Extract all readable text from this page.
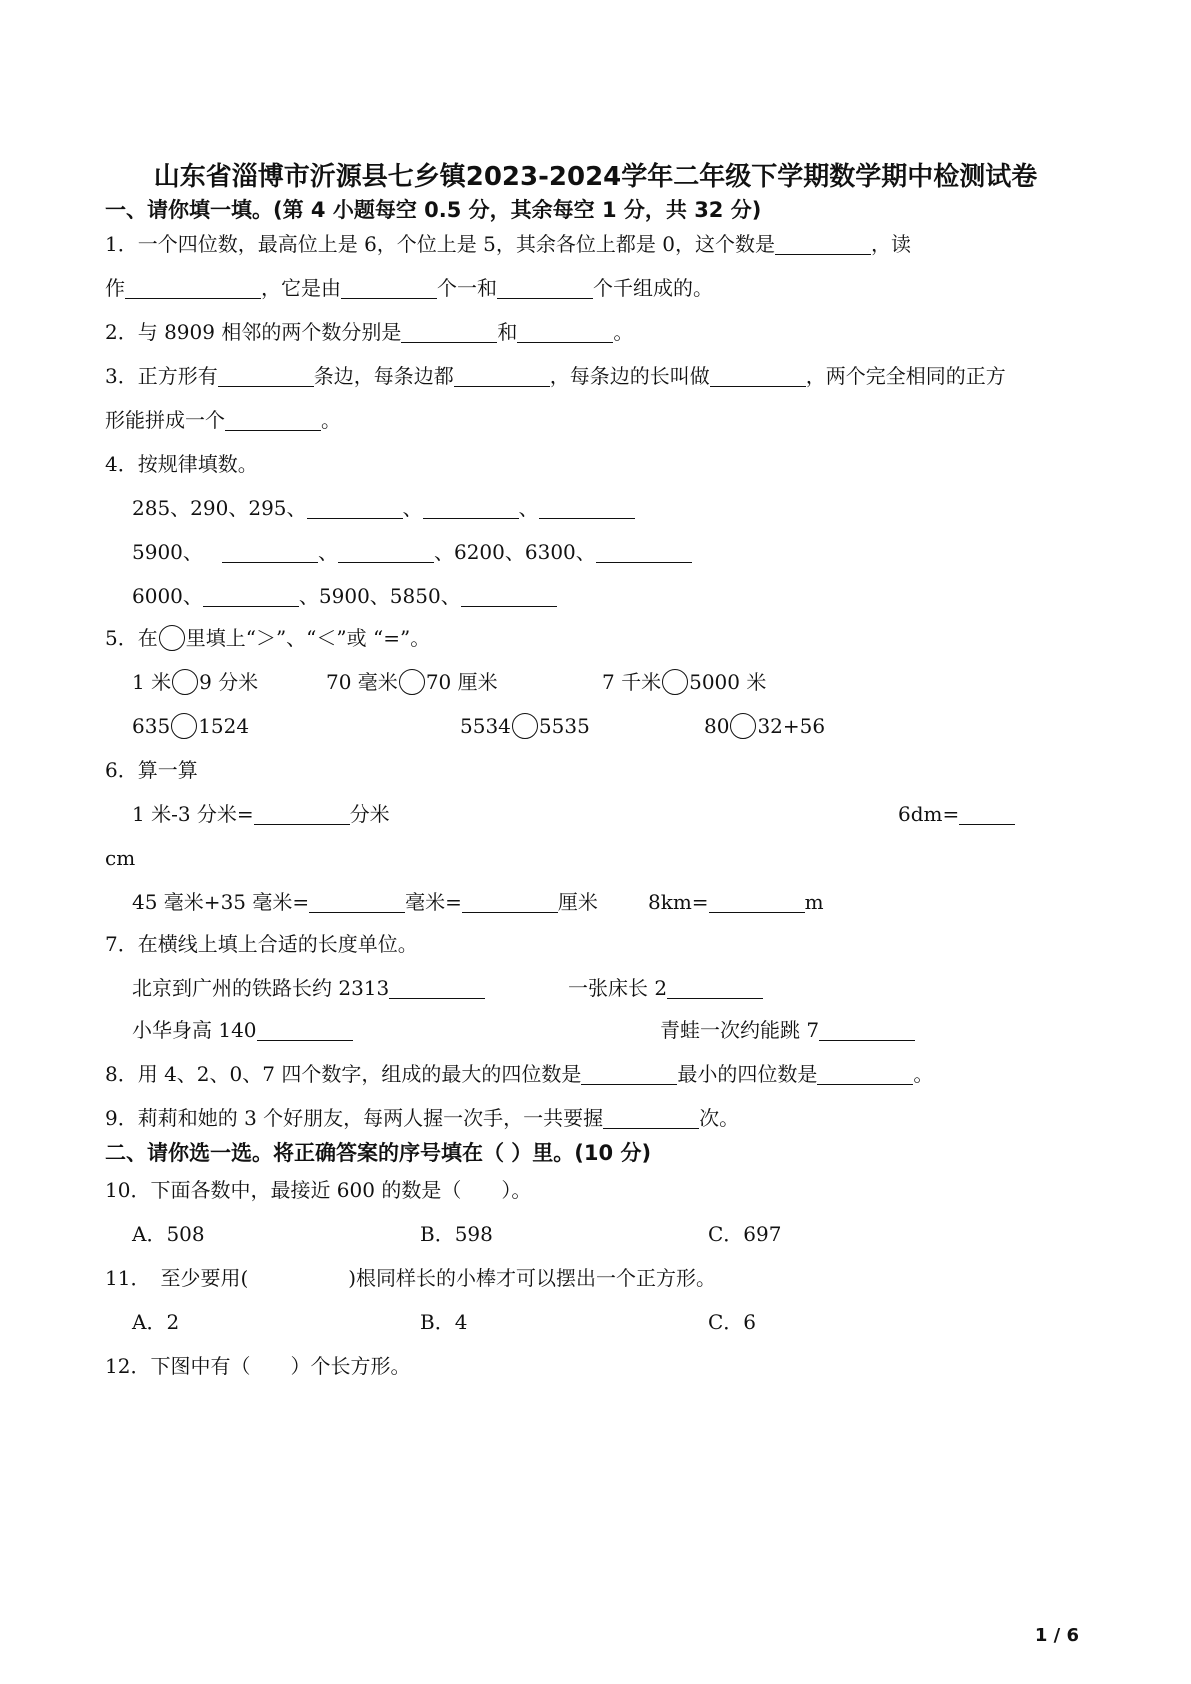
山东省淄博市沂源县七乡镇2023-2024学年二年级下学期数学期中检测试卷
一、请你填一填。(第 4 小题每空 0.5 分，其余每空 1 分，共 32 分)
1．一个四位数，最高位上是 6，个位上是 5，其余各位上都是 0，这个数是	，读
作	，它是由	个一和	个千组成的。
2．与 8909 相邻的两个数分别是	和	。
3．正方形有	条边，每条边都	，每条边的长叫做	，两个完全相同的正方
形能拼成一个	。
4．按规律填数。
285、290、295、	、	、
5900、	、	、6200、6300、
6000、	、5900、5850、
5．在 里填上“＞”、“＜”或 “=”。
1 米 9 分米	70 毫米 70 厘米	7 千米 5000 米
635 1524	5534 5535	80 32+56
6．算一算
1 米-3 分米=	分米	6dm=
cm
45 毫米+35 毫米=	毫米=	厘米	8km=	m
7．在横线上填上合适的长度单位。
北京到广州的铁路长约 2313	一张床长 2
小华身高 140	青蛙一次约能跳 7
8．用 4、2、0、7 四个数字，组成的最大的四位数是	最小的四位数是	。
9．莉莉和她的 3 个好朋友，每两人握一次手，一共要握	次。
二、请你选一选。将正确答案的序号填在（ ）里。(10 分)
10．下面各数中，最接近 600 的数是（　　）。
A．508	B．598	C．697
11．　至少要用(　　　　　)根同样长的小棒才可以摆出一个正方形。
A．2	B．4	C．6
12．下图中有（　　）个长方形。
1 / 6
